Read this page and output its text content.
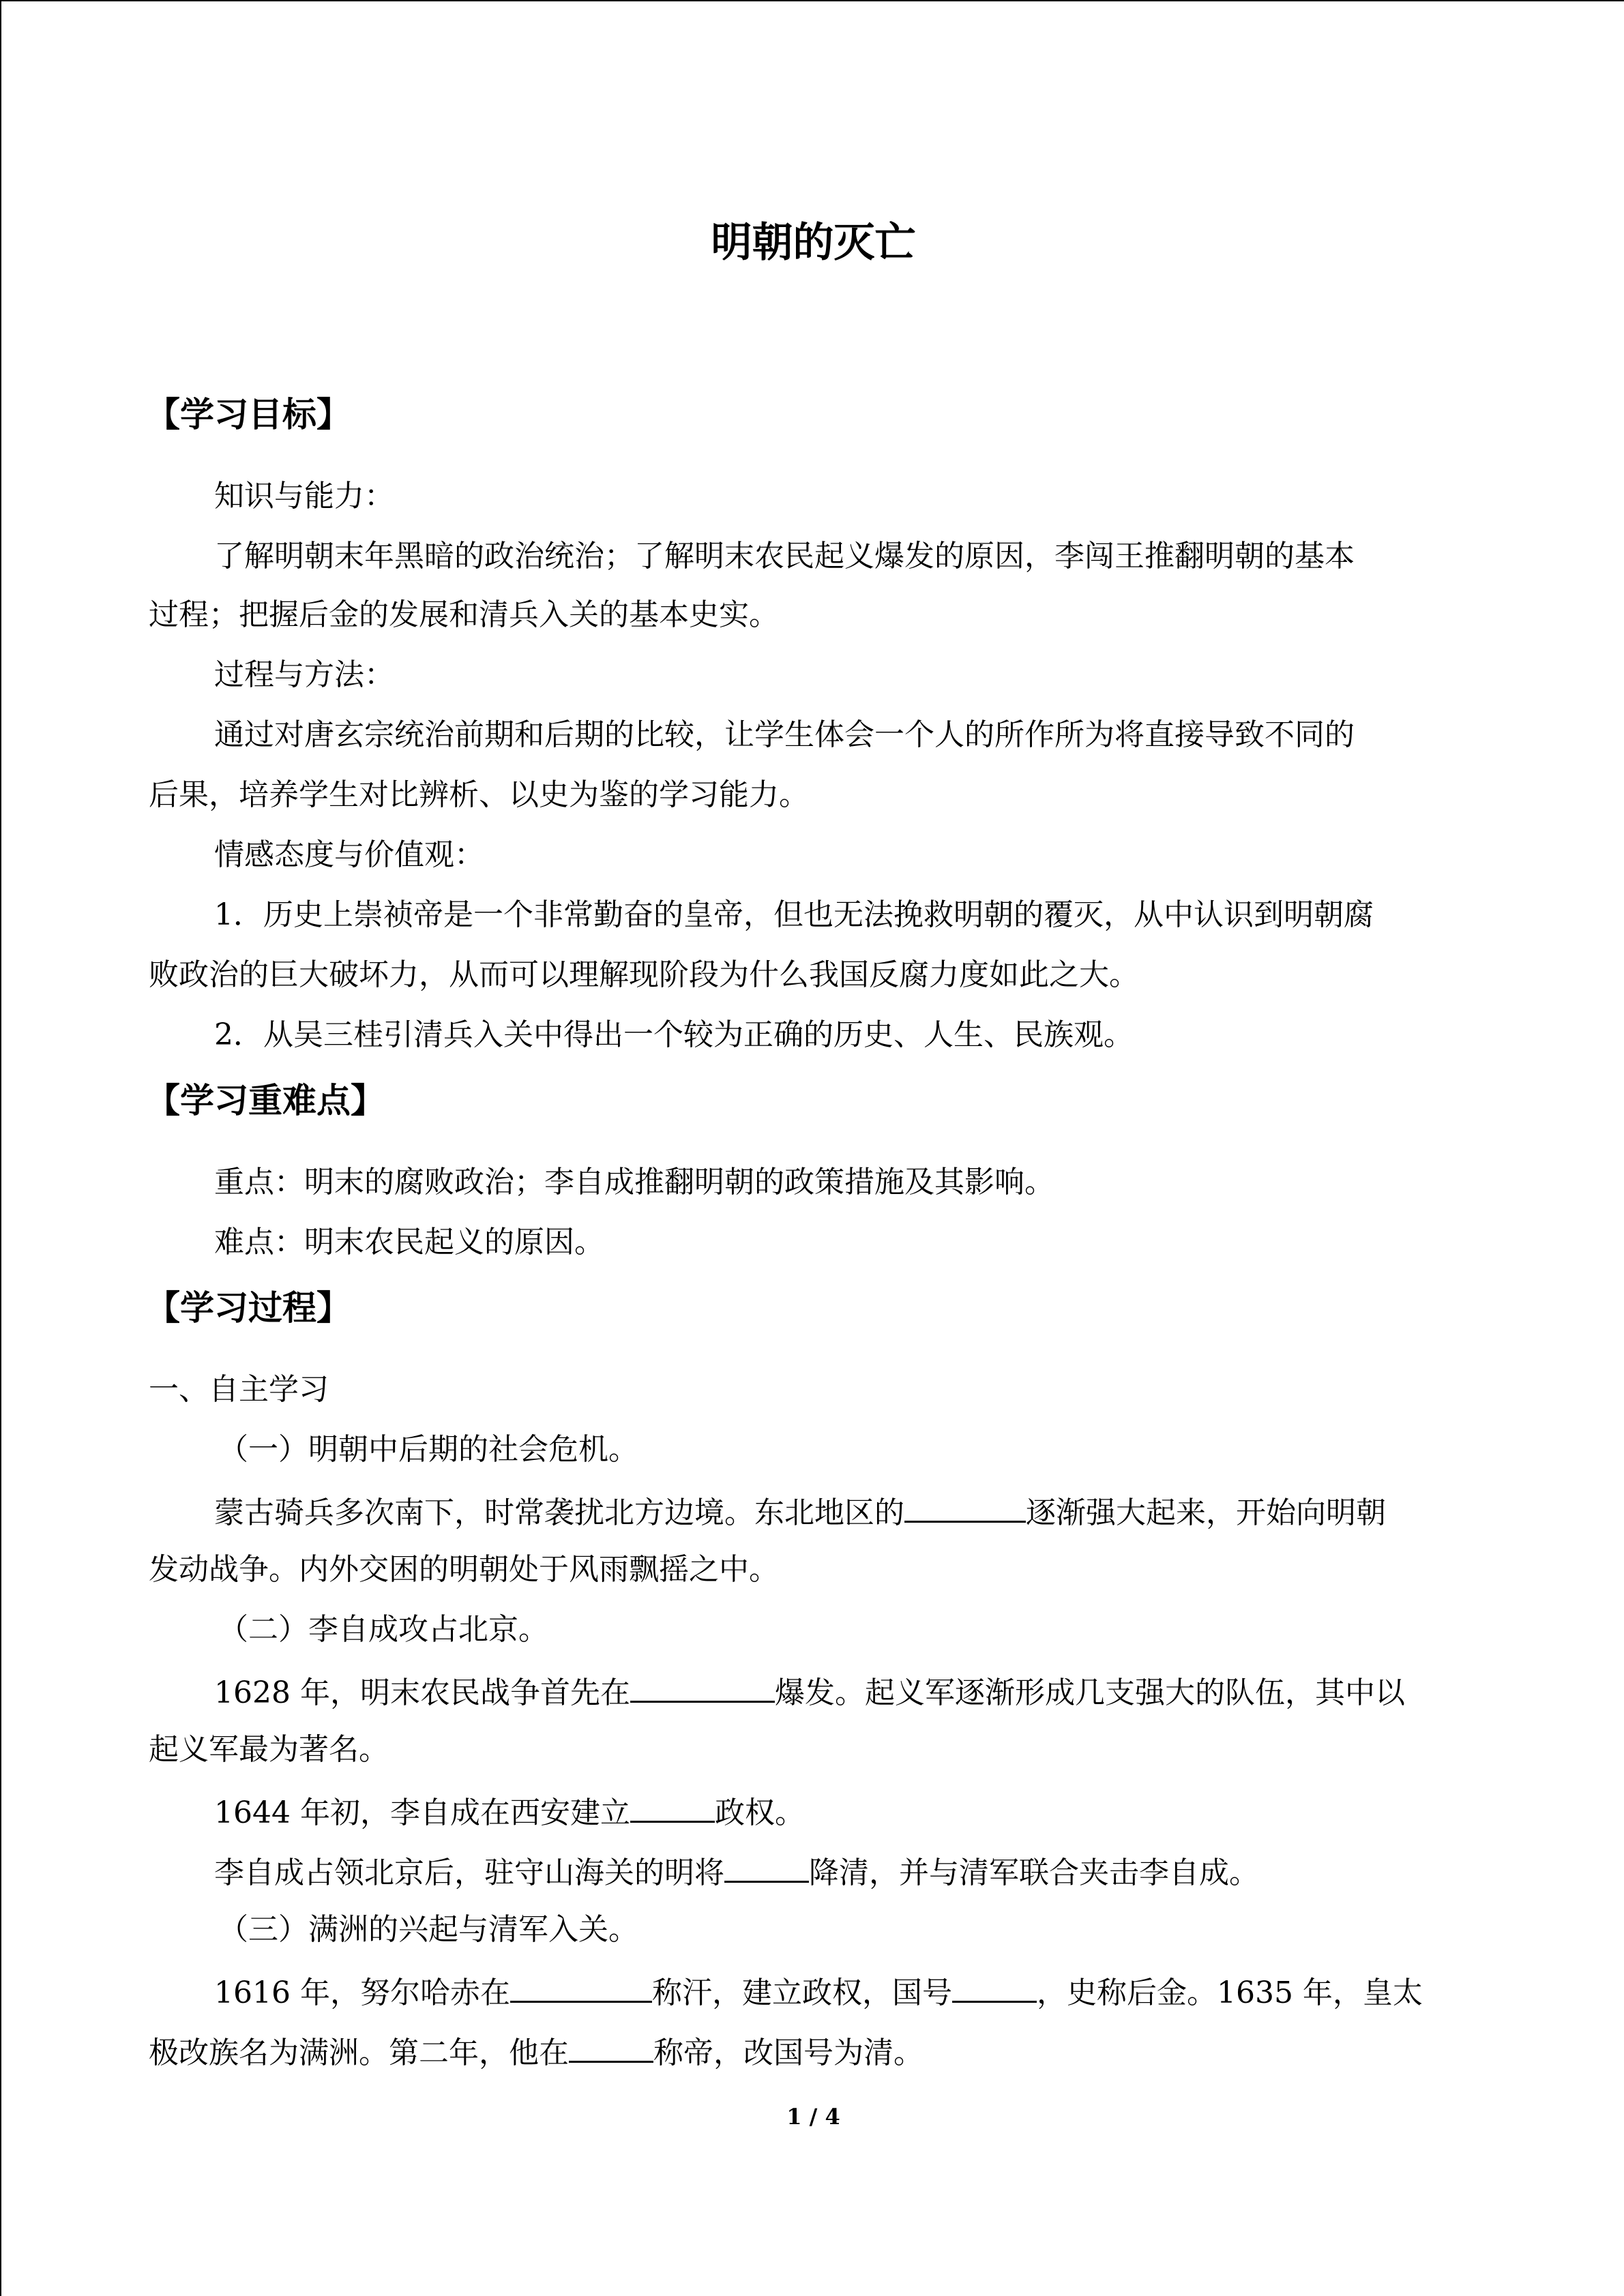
明朝的灭亡
【学习目标】
知识与能力：
了解明朝末年黑暗的政治统治；了解明末农民起义爆发的原因，李闯王推翻明朝的基本
过程；把握后金的发展和清兵入关的基本史实。
过程与方法：
通过对唐玄宗统治前期和后期的比较，让学生体会一个人的所作所为将直接导致不同的
后果，培养学生对比辨析、以史为鉴的学习能力。
情感态度与价值观：
1．历史上崇祯帝是一个非常勤奋的皇帝，但也无法挽救明朝的覆灭，从中认识到明朝腐
败政治的巨大破坏力，从而可以理解现阶段为什么我国反腐力度如此之大。
2．从吴三桂引清兵入关中得出一个较为正确的历史、人生、民族观。
【学习重难点】
重点：明末的腐败政治；李自成推翻明朝的政策措施及其影响。
难点：明末农民起义的原因。
【学习过程】
一、自主学习
（一）明朝中后期的社会危机。
蒙古骑兵多次南下，时常袭扰北方边境。东北地区的	逐渐强大起来，开始向明朝
发动战争。内外交困的明朝处于风雨飘摇之中。
（二）李自成攻占北京。
1628 年，明末农民战争首先在	爆发。起义军逐渐形成几支强大的队伍，其中以
起义军最为著名。
1644 年初，李自成在西安建立	政权。
李自成占领北京后，驻守山海关的明将	降清，并与清军联合夹击李自成。
（三）满洲的兴起与清军入关。
1616 年，努尔哈赤在	称汗，建立政权，国号	，史称后金。1635 年，皇太
极改族名为满洲。第二年，他在	称帝，改国号为清。
1 / 4
